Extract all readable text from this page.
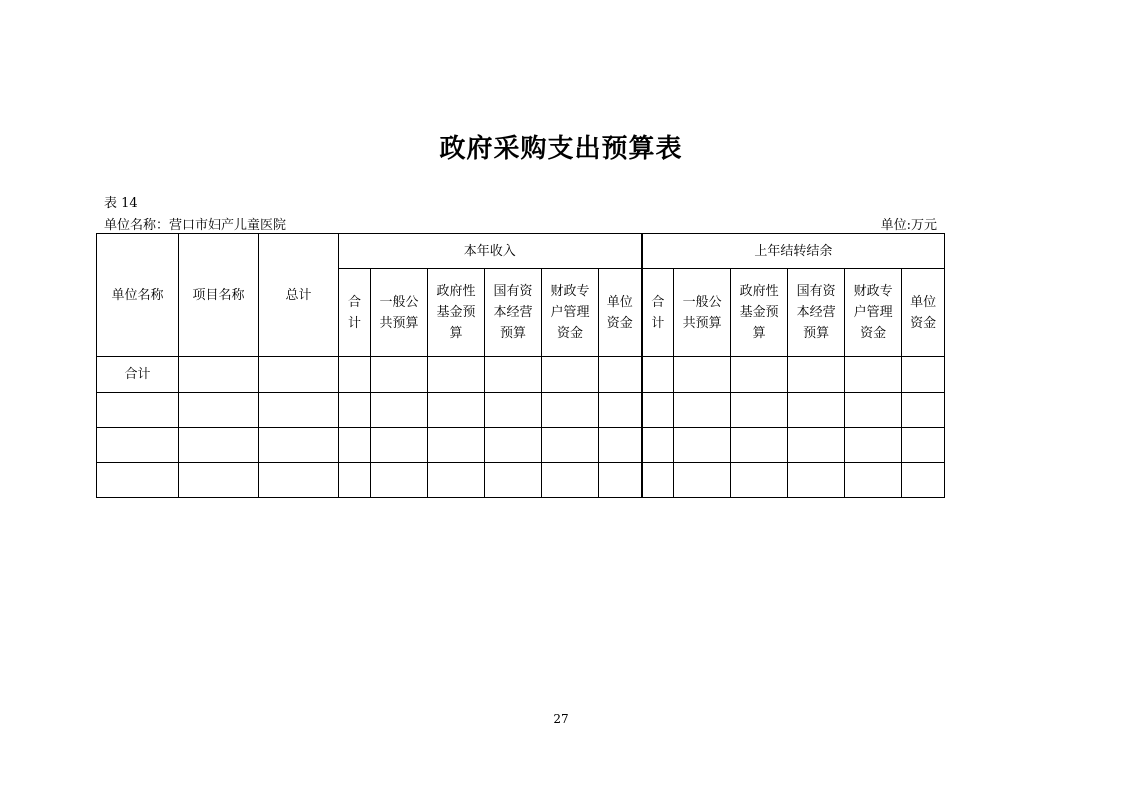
政府采购支出预算表
表 14
单位名称：营口市妇产儿童医院	单位:万元
单位名称	项目名称	总计	本年收入						上年结转结余					
			合计	一般公共预算	政府性基金预算	国有资本经营预算	财政专户管理资金	单位资金	合计	一般公共预算	政府性基金预算	国有资本经营预算	财政专户管理资金	单位资金
合计														

27
